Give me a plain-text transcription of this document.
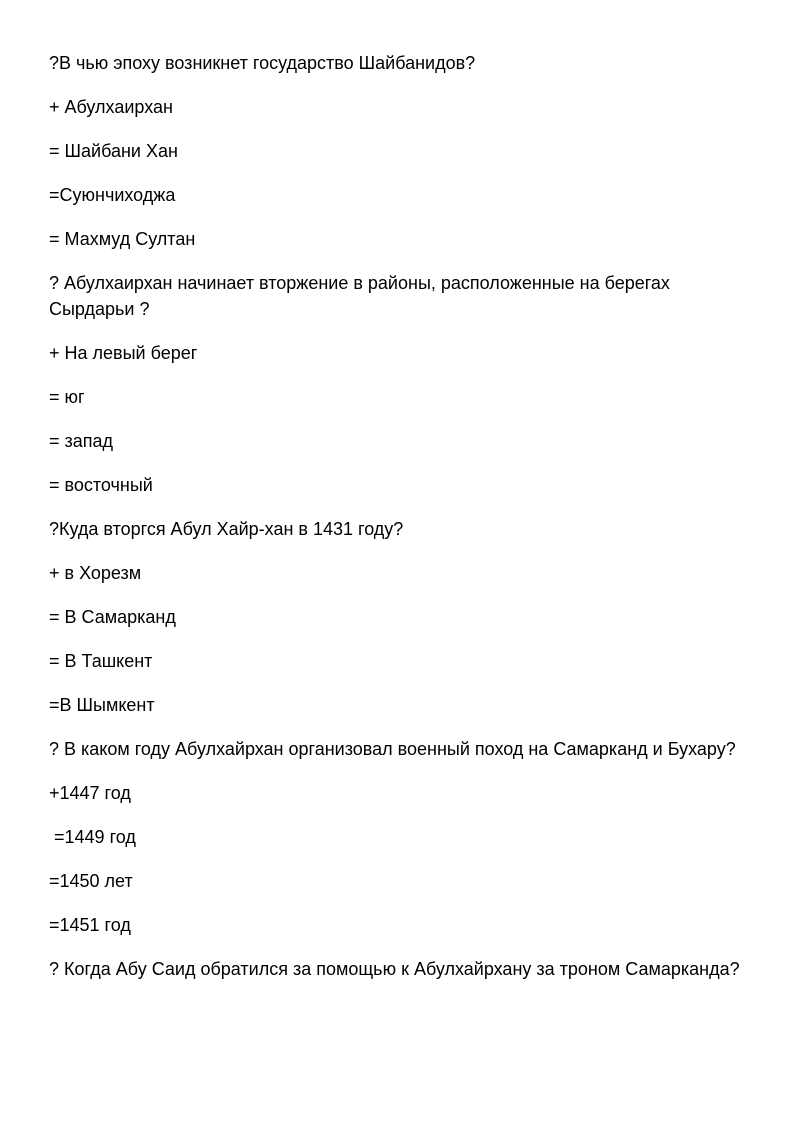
?В чью эпоху возникнет государство Шайбанидов?
+ Абулхаирхан
= Шайбани Хан
=Суюнчиходжа
= Махмуд Султан
? Абулхаирхан начинает вторжение в районы, расположенные на берегах Сырдарьи ?
+ На левый берег
= юг
= запад
= восточный
?Куда вторгся Абул Хайр-хан в 1431 году?
+ в Хорезм
= В Самарканд
= В Ташкент
=В Шымкент
? В каком году Абулхайрхан организовал военный поход на Самарканд и Бухару?
+1447 год
=1449 год
=1450 лет
=1451 год
? Когда Абу Саид обратился за помощью к Абулхайрхану за троном Самарканда?
